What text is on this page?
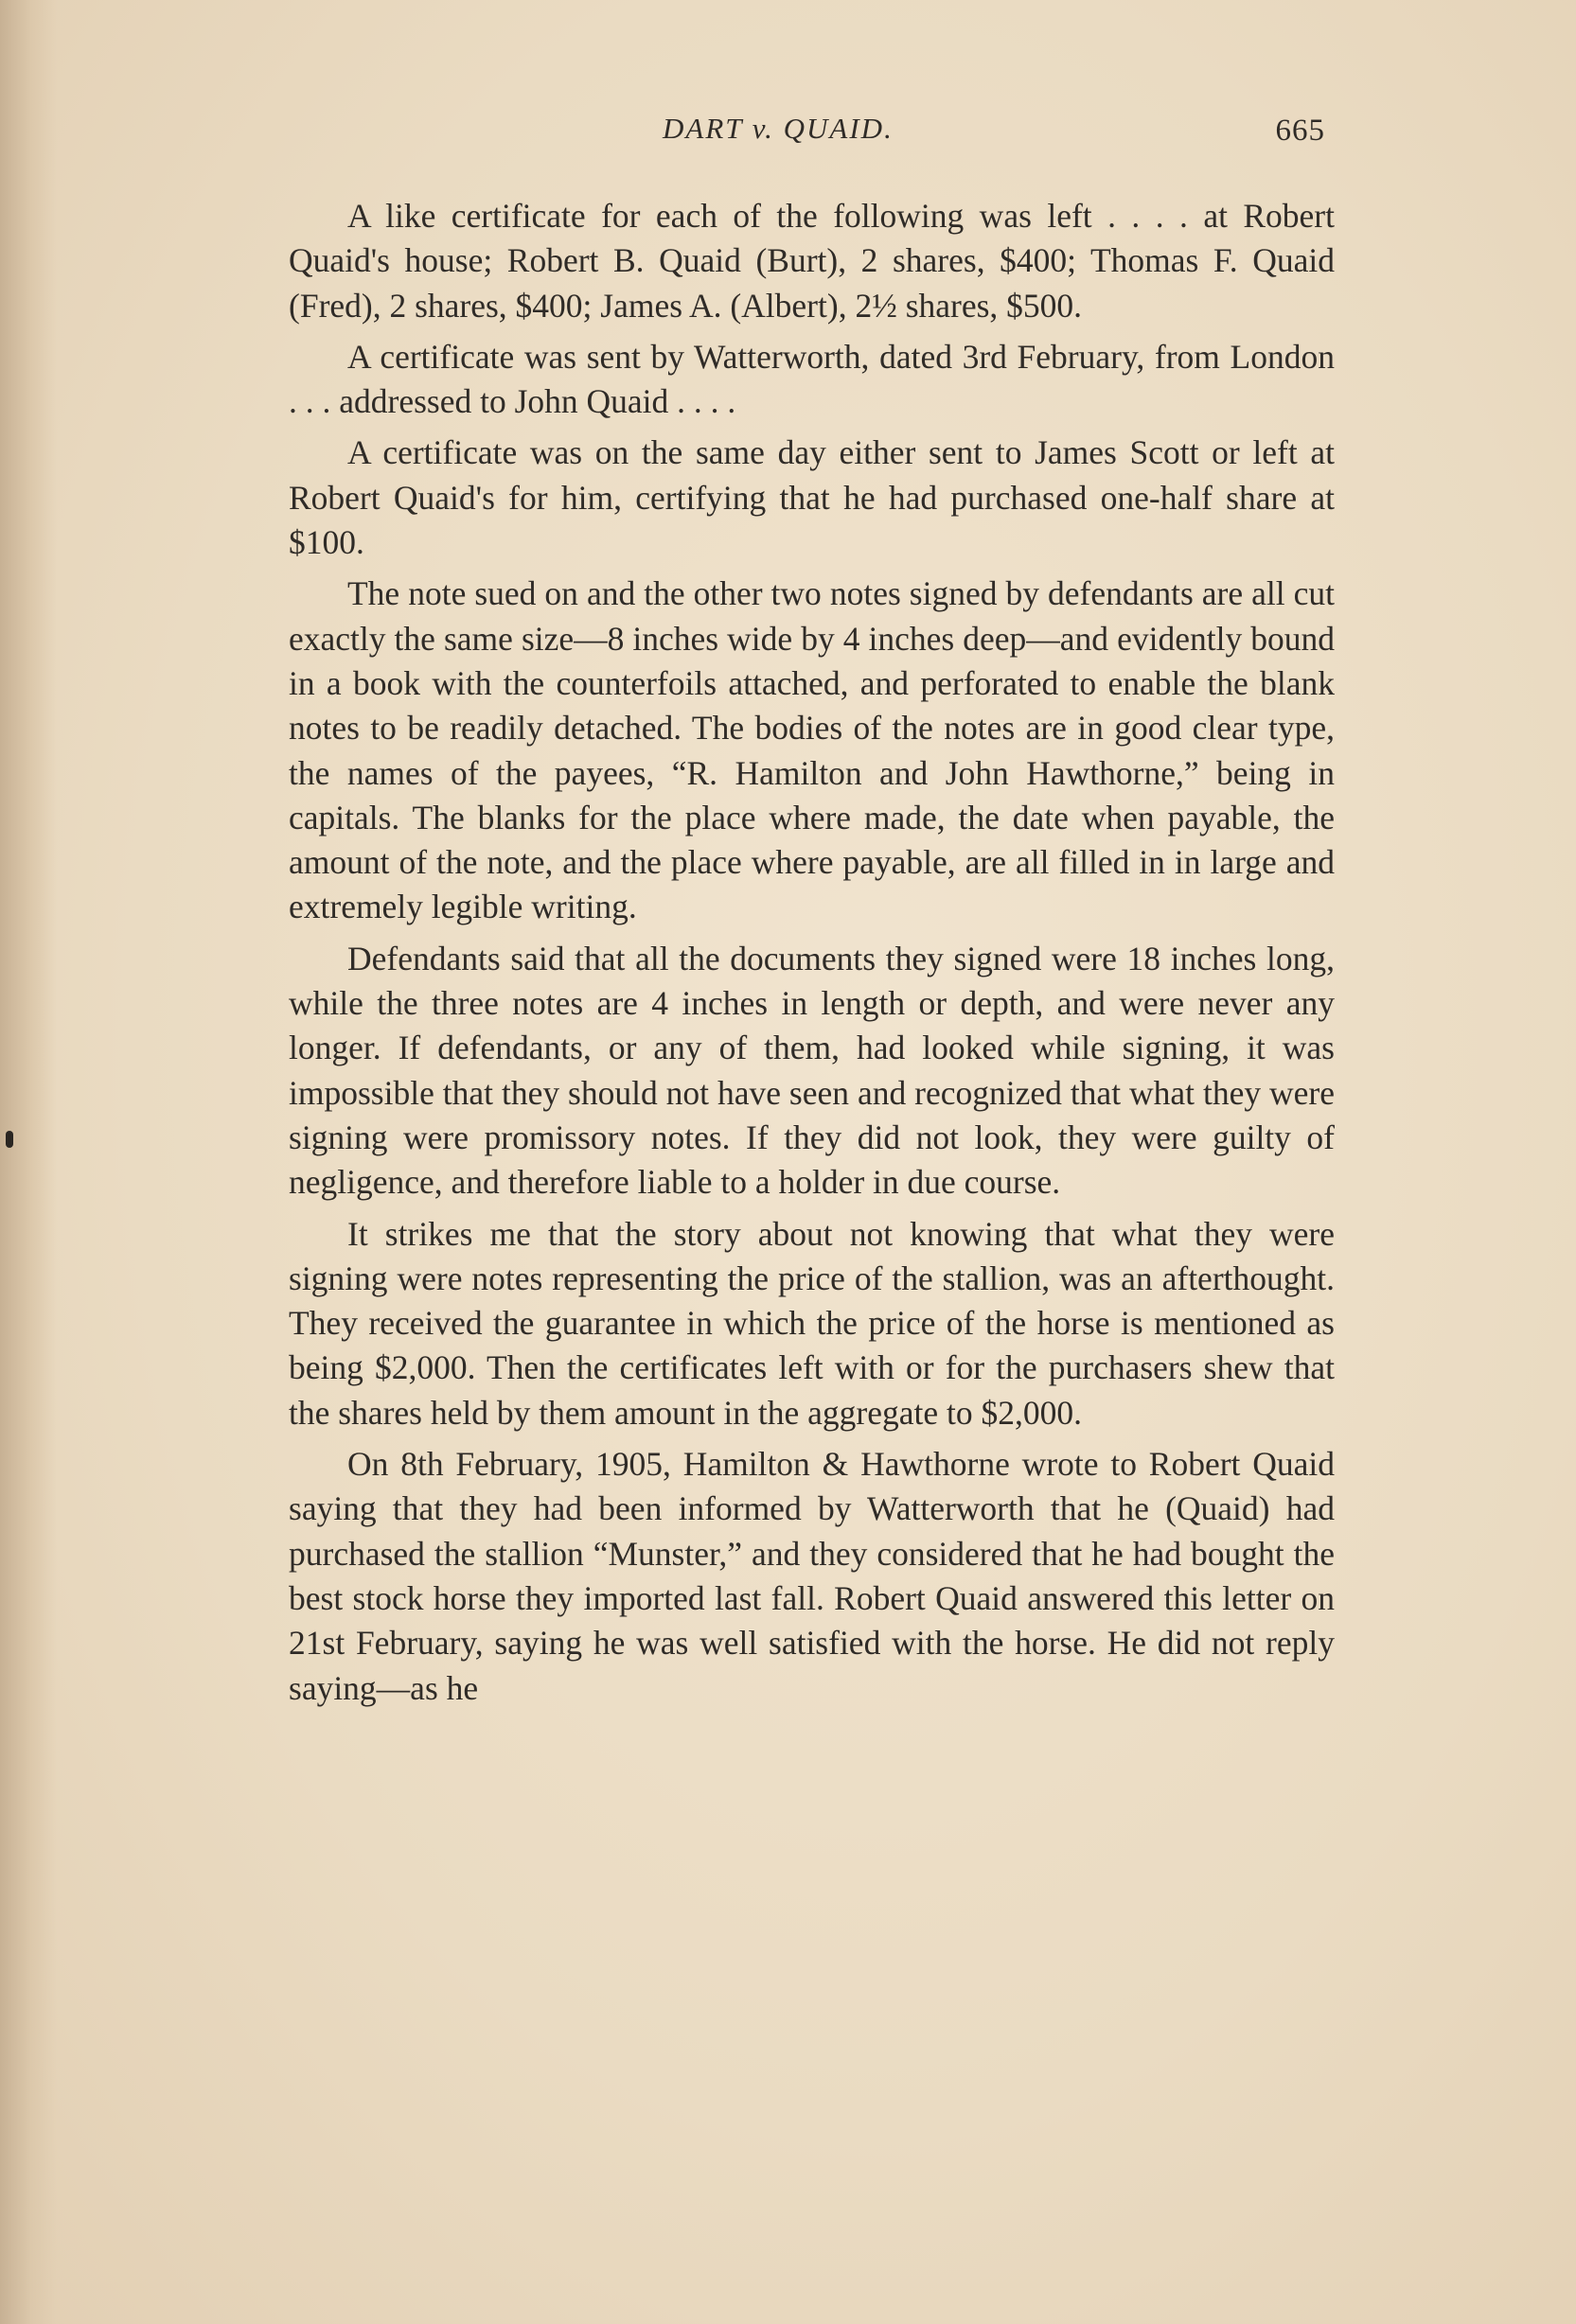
DART v. QUAID.	665

A like certificate for each of the following was left . . . . at Robert Quaid's house; Robert B. Quaid (Burt), 2 shares, $400; Thomas F. Quaid (Fred), 2 shares, $400; James A. (Albert), 2½ shares, $500.

A certificate was sent by Watterworth, dated 3rd February, from London . . . addressed to John Quaid . . . .

A certificate was on the same day either sent to James Scott or left at Robert Quaid's for him, certifying that he had purchased one-half share at $100.

The note sued on and the other two notes signed by defendants are all cut exactly the same size—8 inches wide by 4 inches deep—and evidently bound in a book with the counterfoils attached, and perforated to enable the blank notes to be readily detached. The bodies of the notes are in good clear type, the names of the payees, “R. Hamilton and John Hawthorne,” being in capitals. The blanks for the place where made, the date when payable, the amount of the note, and the place where payable, are all filled in in large and extremely legible writing.

Defendants said that all the documents they signed were 18 inches long, while the three notes are 4 inches in length or depth, and were never any longer. If defendants, or any of them, had looked while signing, it was impossible that they should not have seen and recognized that what they were signing were promissory notes. If they did not look, they were guilty of negligence, and therefore liable to a holder in due course.

It strikes me that the story about not knowing that what they were signing were notes representing the price of the stallion, was an afterthought. They received the guarantee in which the price of the horse is mentioned as being $2,000. Then the certificates left with or for the purchasers shew that the shares held by them amount in the aggregate to $2,000.

On 8th February, 1905, Hamilton & Hawthorne wrote to Robert Quaid saying that they had been informed by Watterworth that he (Quaid) had purchased the stallion “Munster,” and they considered that he had bought the best stock horse they imported last fall. Robert Quaid answered this letter on 21st February, saying he was well satisfied with the horse. He did not reply saying—as he
